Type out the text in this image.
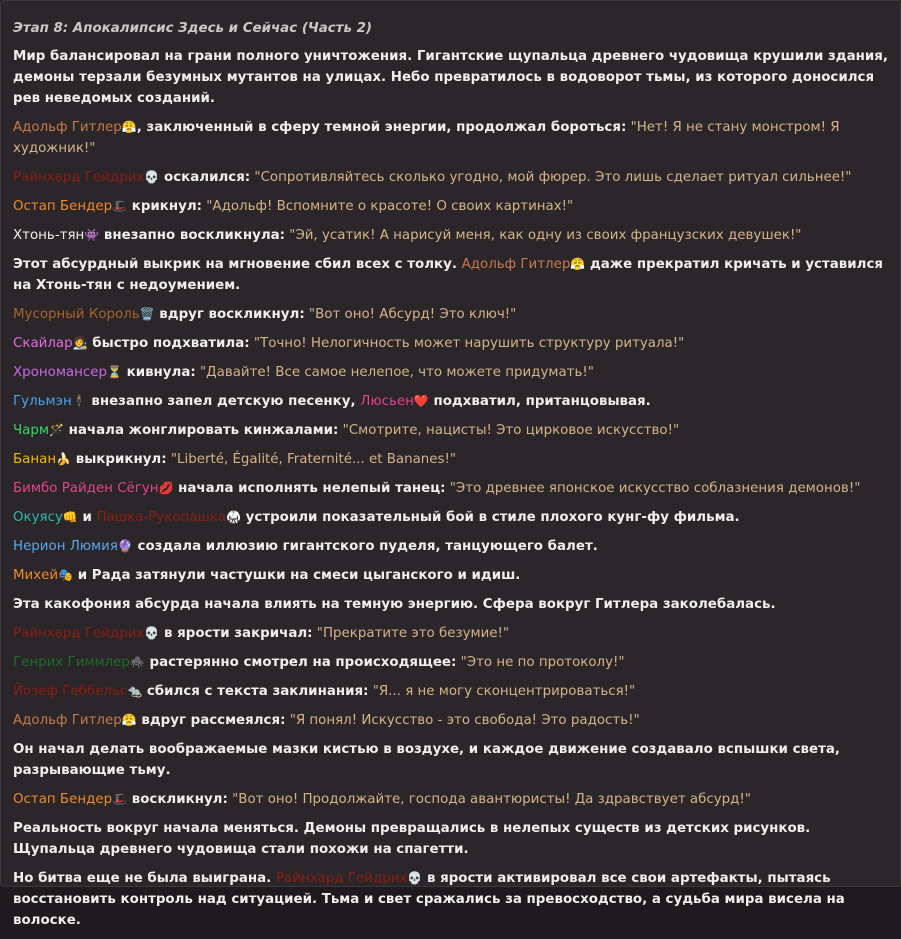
Этап 8: Апокалипсис Здесь и Сейчас (Часть 2)
Мир балансировал на грани полного уничтожения. Гигантские щупальца древнего чудовища крушили здания, демоны терзали безумных мутантов на улицах. Небо превратилось в водоворот тьмы, из которого доносился рев неведомых созданий.
Адольф Гитлер😤, заключенный в сферу темной энергии, продолжал бороться: "Нет! Я не стану монстром! Я художник!"
Райнхард Гейдрих💀 оскалился: "Сопротивляйтесь сколько угодно, мой фюрер. Это лишь сделает ритуал сильнее!"
Остап Бендер🎩 крикнул: "Адольф! Вспомните о красоте! О своих картинах!"
Хтонь-тян👾 внезапно воскликнула: "Эй, усатик! А нарисуй меня, как одну из своих французских девушек!"
Этот абсурдный выкрик на мгновение сбил всех с толку. Адольф Гитлер😤 даже прекратил кричать и уставился на Хтонь-тян с недоумением.
Мусорный Король🗑️ вдруг воскликнул: "Вот оно! Абсурд! Это ключ!"
Скайлар🧑‍🎨 быстро подхватила: "Точно! Нелогичность может нарушить структуру ритуала!"
Хрономансер⏳ кивнула: "Давайте! Все самое нелепое, что можете придумать!"
Гульмэн🕴 внезапно запел детскую песенку, Люсьен❤️ подхватил, пританцовывая.
Чарм🪄 начала жонглировать кинжалами: "Смотрите, нацисты! Это цирковое искусство!"
Банан🍌 выкрикнул: "Liberté, Égalité, Fraternité... et Bananes!"
Бимбо Райден Сёгун💋 начала исполнять нелепый танец: "Это древнее японское искусство соблазнения демонов!"
Окуясу👊 и Пашка-Рукопашка🥋 устроили показательный бой в стиле плохого кунг-фу фильма.
Нерион Люмия🔮 создала иллюзию гигантского пуделя, танцующего балет.
Михей🎭 и Рада затянули частушки на смеси цыганского и идиш.
Эта какофония абсурда начала влиять на темную энергию. Сфера вокруг Гитлера заколебалась.
Райнхард Гейдрих💀 в ярости закричал: "Прекратите это безумие!"
Генрих Гиммлер🕷️ растерянно смотрел на происходящее: "Это не по протоколу!"
Йозеф Геббельс🐀 сбился с текста заклинания: "Я... я не могу сконцентрироваться!"
Адольф Гитлер😤 вдруг рассмеялся: "Я понял! Искусство - это свобода! Это радость!"
Он начал делать воображаемые мазки кистью в воздухе, и каждое движение создавало вспышки света, разрывающие тьму.
Остап Бендер🎩 воскликнул: "Вот оно! Продолжайте, господа авантюристы! Да здравствует абсурд!"
Реальность вокруг начала меняться. Демоны превращались в нелепых существ из детских рисунков. Щупальца древнего чудовища стали похожи на спагетти.
Но битва еще не была выиграна. Райнхард Гейдрих💀 в ярости активировал все свои артефакты, пытаясь восстановить контроль над ситуацией. Тьма и свет сражались за превосходство, а судьба мира висела на волоске.
